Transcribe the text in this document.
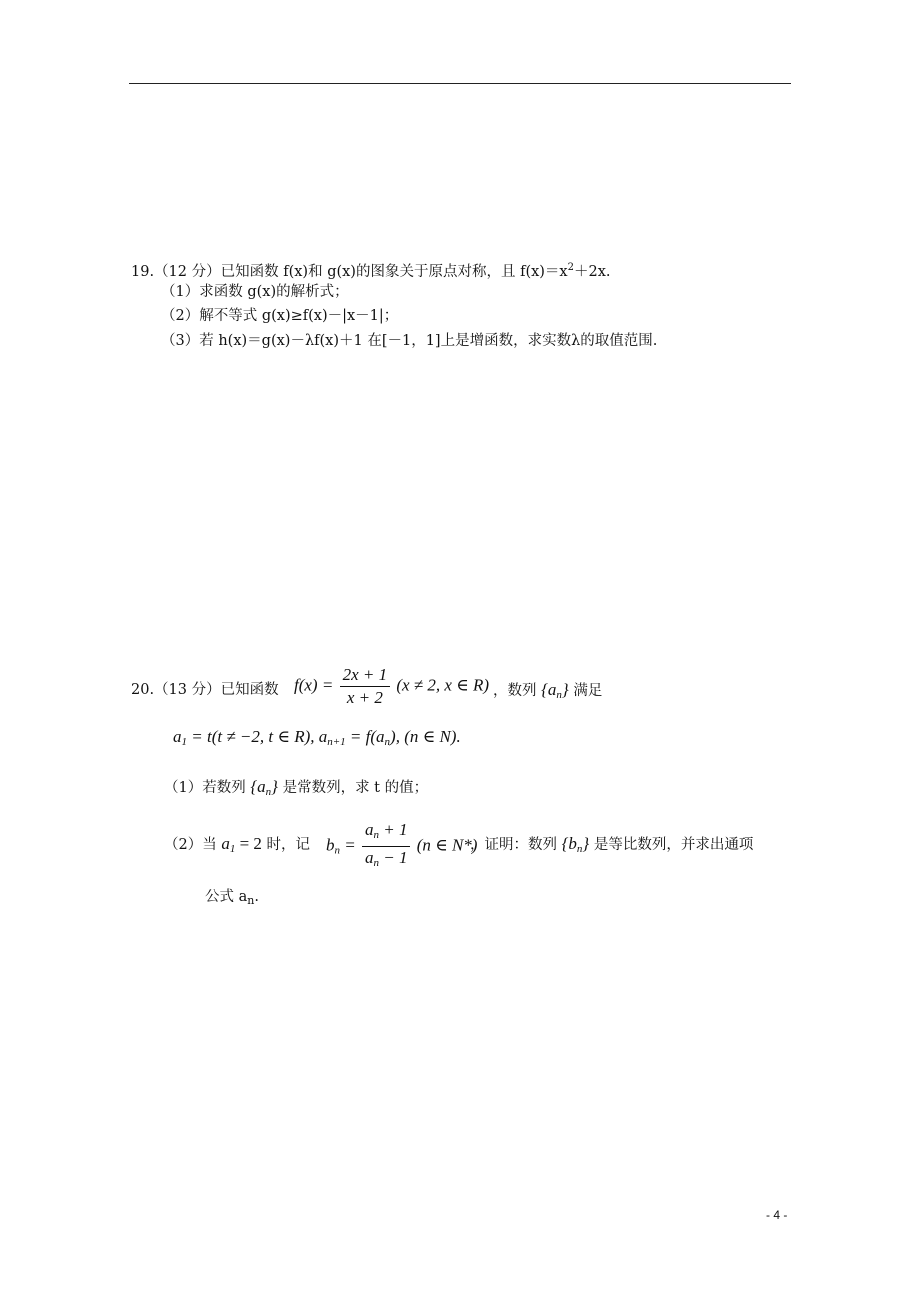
19.（12 分）已知函数 f(x)和 g(x)的图象关于原点对称，且 $f(x)=x^2+2x$.
（1）求函数 g(x)的解析式；
（2）解不等式 g(x)≥f(x)－|x－1|；
（3）若 h(x)＝g(x)－λf(x)＋1 在[－1，1]上是增函数，求实数λ的取值范围.
20.（13 分）已知函数 $f(x) = \frac{2x + 1}{x + 2} (x \ne 2$, x ∈ R) ，数列 $\{a_n\}$ 满足
$a_1 = t(t \ne -2$, t ∈ R), $a_{n+1} = f(a_n)$, (n ∈ N).
（1）若数列 $\{a_n\}$ 是常数列，求 t 的值；
（2）当 $a_1 = 2$ 时，记 $b_n = \frac{a_n + 1}{a_n - 1} (n$ ∈ N*)
，证明：数列 $\{b_n\}$ 是等比数列，并求出通项
公式 $a_n$.
- 4 -
